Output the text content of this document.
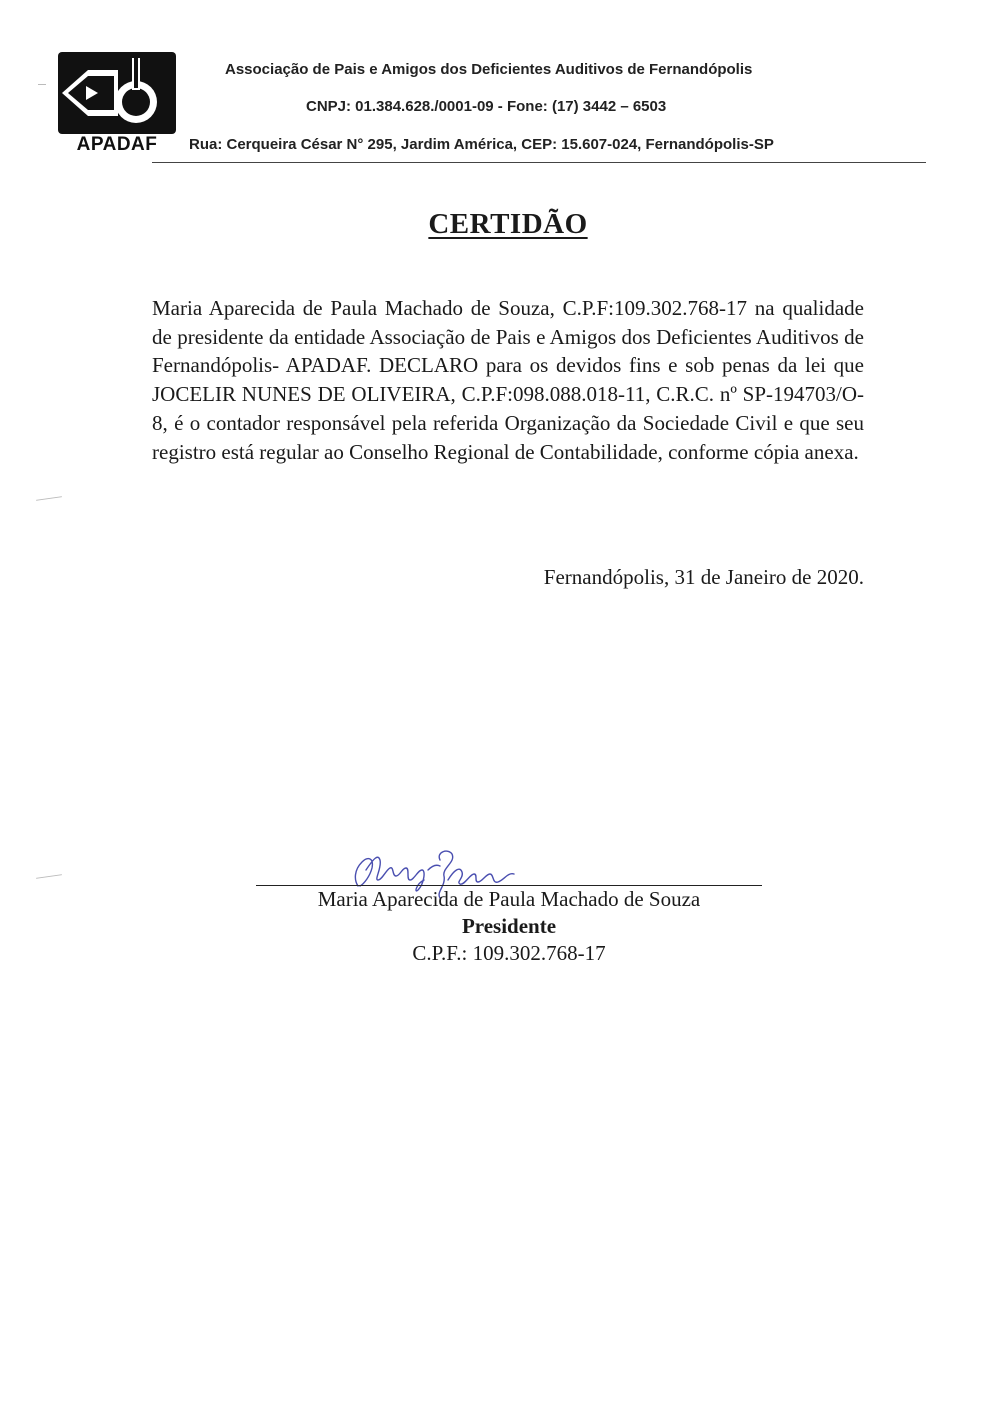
APADAF
Associação de Pais e Amigos dos Deficientes Auditivos de Fernandópolis
CNPJ: 01.384.628./0001-09 - Fone: (17) 3442 – 6503
Rua: Cerqueira César N° 295, Jardim América, CEP: 15.607-024, Fernandópolis-SP
CERTIDÃO
Maria Aparecida de Paula Machado de Souza, C.P.F:109.302.768-17 na qualidade de presidente da entidade Associação de Pais e Amigos dos Deficientes Auditivos de Fernandópolis- APADAF. DECLARO para os devidos fins e sob penas da lei que JOCELIR NUNES DE OLIVEIRA, C.P.F:098.088.018-11, C.R.C. nº SP-194703/O-8, é o contador responsável pela referida Organização da Sociedade Civil e que seu registro está regular ao Conselho Regional de Contabilidade, conforme cópia anexa.
Fernandópolis, 31 de Janeiro de 2020.
Maria Aparecida de Paula Machado de Souza
Presidente
C.P.F.: 109.302.768-17
